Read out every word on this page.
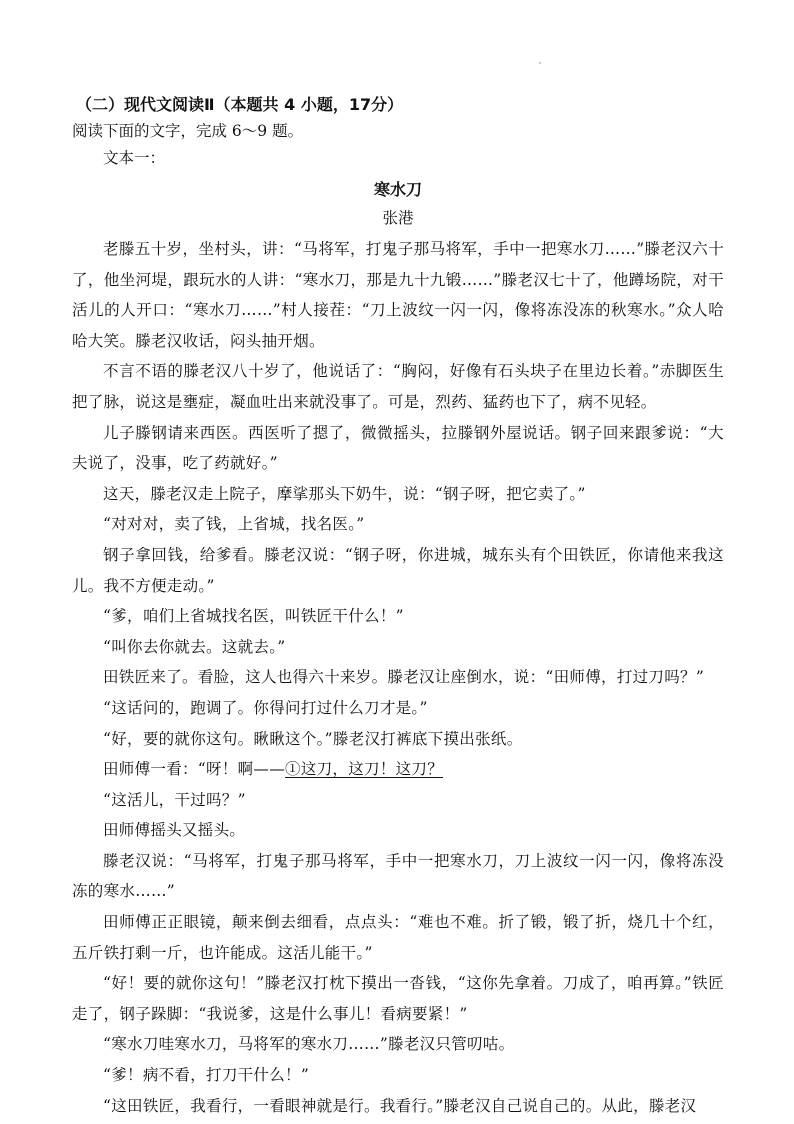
（二）现代文阅读Ⅱ（本题共 4 小题，17分）

阅读下面的文字，完成 6～9 题。

文本一：

寒水刀

张港

老滕五十岁，坐村头，讲：“马将军，打鬼子那马将军，手中一把寒水刀……”滕老汉六十了，他坐河堤，跟玩水的人讲：“寒水刀，那是九十九锻……”滕老汉七十了，他蹲场院，对干活儿的人开口：“寒水刀……”村人接茬：“刀上波纹一闪一闪，像将冻没冻的秋寒水。”众人哈哈大笑。滕老汉收话，闷头抽开烟。

不言不语的滕老汉八十岁了，他说话了：“胸闷，好像有石头块子在里边长着。”赤脚医生把了脉，说这是壅症，凝血吐出来就没事了。可是，烈药、猛药也下了，病不见轻。

儿子滕钢请来西医。西医听了摁了，微微摇头，拉滕钢外屋说话。钢子回来跟爹说：“大夫说了，没事，吃了药就好。”

这天，滕老汉走上院子，摩挲那头下奶牛，说：“钢子呀，把它卖了。”

“对对对，卖了钱，上省城，找名医。”

钢子拿回钱，给爹看。滕老汉说：“钢子呀，你进城，城东头有个田铁匠，你请他来我这儿。我不方便走动。”

“爹，咱们上省城找名医，叫铁匠干什么！”

“叫你去你就去。这就去。”

田铁匠来了。看脸，这人也得六十来岁。滕老汉让座倒水，说：“田师傅，打过刀吗？”

“这话问的，跑调了。你得问打过什么刀才是。”

“好，要的就你这句。瞅瞅这个。”滕老汉打裤底下摸出张纸。

田师傅一看：“呀！啊——①这刀，这刀！这刀？

“这活儿，干过吗？”

田师傅摇头又摇头。

滕老汉说：“马将军，打鬼子那马将军，手中一把寒水刀，刀上波纹一闪一闪，像将冻没冻的寒水……”

田师傅正正眼镜，颠来倒去细看，点点头：“难也不难。折了锻，锻了折，烧几十个红，五斤铁打剩一斤，也许能成。这活儿能干。”

“好！要的就你这句！”滕老汉打枕下摸出一沓钱，“这你先拿着。刀成了，咱再算。”铁匠走了，钢子跺脚：“我说爹，这是什么事儿！看病要紧！”

“寒水刀哇寒水刀，马将军的寒水刀……”滕老汉只管叨咕。

“爹！病不看，打刀干什么！”

“这田铁匠，我看行，一看眼神就是行。我看行。”滕老汉自己说自己的。从此，滕老汉
